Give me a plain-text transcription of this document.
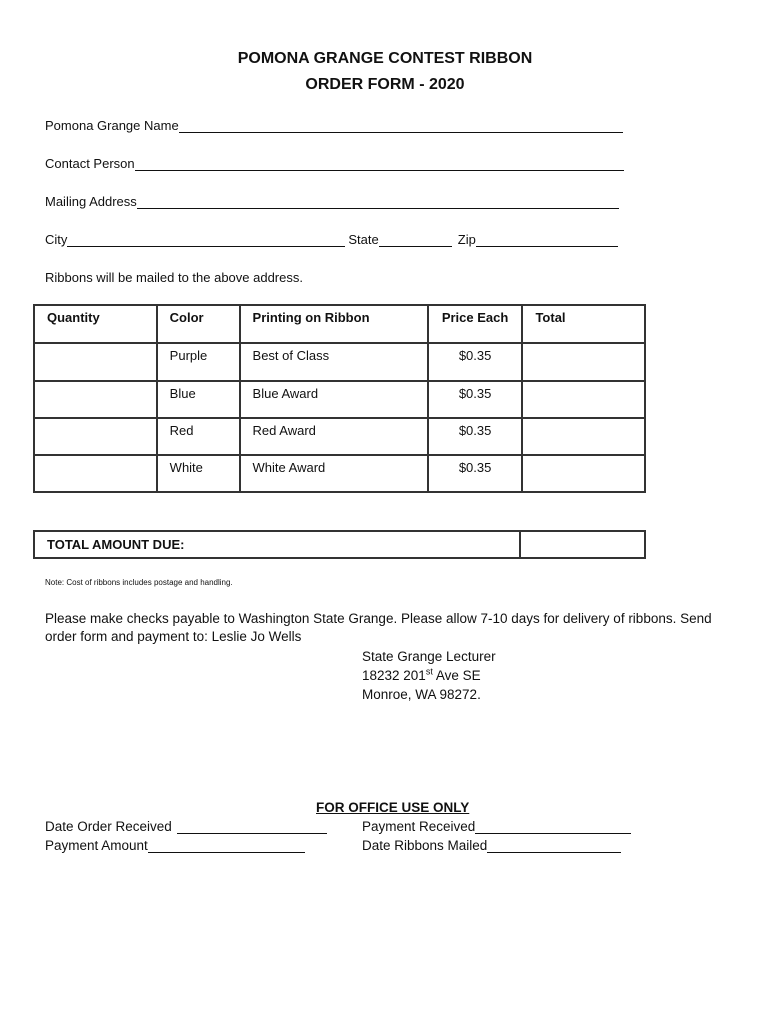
POMONA GRANGE CONTEST RIBBON
ORDER FORM - 2020
Pomona Grange Name
Contact Person
Mailing Address
City	State	Zip
Ribbons will be mailed to the above address.
Quantity	Color	Printing on Ribbon	Price Each	Total
	Purple	Best of Class	$0.35	
	Blue	Blue Award	$0.35	
	Red	Red Award	$0.35	
	White	White Award	$0.35	
TOTAL AMOUNT DUE:	
Note: Cost of ribbons includes postage and handling.
Please make checks payable to Washington State Grange. Please allow 7-10 days for delivery of ribbons. Send
order form and payment to: Leslie Jo Wells
State Grange Lecturer
18232 201st Ave SE
Monroe, WA 98272.
FOR OFFICE USE ONLY
Date Order Received	Payment Received
Payment Amount	Date Ribbons Mailed
